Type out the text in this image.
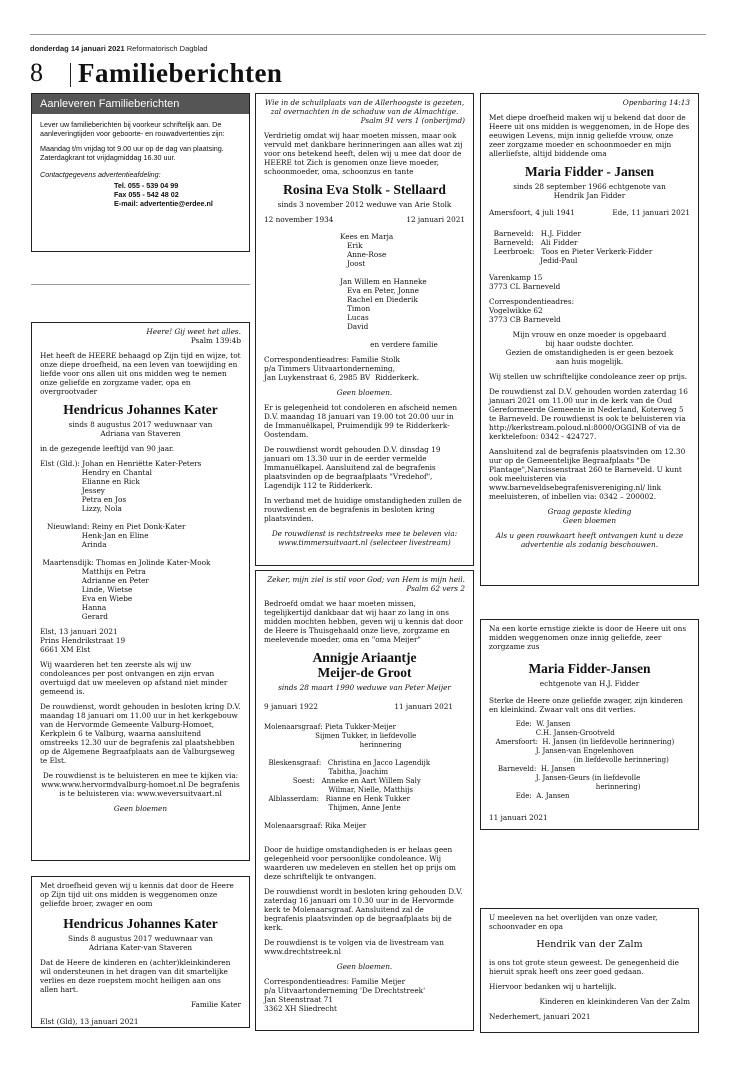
donderdag 14 januari 2021 Reformatorisch Dagblad
8 Familieberichten
Aanleveren Familieberichten
Lever uw familieberichten bij voorkeur schriftelijk aan. De aanleveringtijden voor geboorte- en rouwadvertenties zijn:
Maandag t/m vrijdag tot 9.00 uur op de dag van plaatsing. Zaterdagkrant tot vrijdagmiddag 16.30 uur.
Contactgegevens advertentieafdeling:
Tel. 055 - 539 04 99
Fax 055 - 542 48 02
E-mail: advertentie@erdee.nl
Heere! Gij weet het alles.
Psalm 139:4b
Het heeft de HEERE behaagd op Zijn tijd en wijze, tot onze diepe droefheid, na een leven van toewijding en liefde voor ons allen uit ons midden weg te nemen onze geliefde en zorgzame vader, opa en overgrootvader
Hendricus Johannes Kater
sinds 8 augustus 2017 weduwnaar van
Adriana van Staveren
in de gezegende leeftijd van 90 jaar.
Elst (Gld.): Johan en Henriëtte Kater-Peters
Hendry en Chantal
Elianne en Rick
Jessey
Petra en Jos
Lizzy, Nola

Nieuwland: Reiny en Piet Donk-Kater
Henk-Jan en Eline
Arinda

Maartensdijk: Thomas en Jolinde Kater-Mook
Matthijs en Petra
Adrianne en Peter
Linde, Wietse
Eva en Wiebe
Hanna
Gerard
Elst, 13 januari 2021
Prins Hendrikstraat 19
6661 XM Elst
Wij waarderen het ten zeerste als wij uw condoleances per post ontvangen en zijn ervan overtuigd dat uw meeleven op afstand niet minder gemeend is.
De rouwdienst, wordt gehouden in besloten kring D.V. maandag 18 januari om 11.00 uur in het kerkgebouw van de Hervormde Gemeente Valburg-Homoet, Kerkplein 6 te Valburg, waarna aansluitend omstreeks 12.30 uur de begrafenis zal plaatshebben op de Algemene Begraafplaats aan de Valburgseweg te Elst.
De rouwdienst is te beluisteren en mee te kijken via: www.www.hervormdvalburg-homoet.nl De begrafenis is te beluisteren via: www.weversuitvaart.nl
Geen bloemen
Met droefheid geven wij u kennis dat door de Heere op Zijn tijd uit ons midden is weggenomen onze geliefde broer, zwager en oom
Hendricus Johannes Kater
Sinds 8 augustus 2017 weduwnaar van
Adriana Kater-van Staveren
Dat de Heere de kinderen en (achter)kleinkinderen wil ondersteunen in het dragen van dit smartelijke verlies en deze roepstem mocht heiligen aan ons allen hart.
Familie Kater
Elst (Gld), 13 januari 2021
Wie in de schuilplaats van de Allerhoogste is gezeten, zal overnachten in de schaduw van de Almachtige.
Psalm 91 vers 1 (onberijmd)
Verdrietig omdat wij haar moeten missen, maar ook vervuld met dankbare herinneringen aan alles wat zij voor ons betekend heeft, delen wij u mee dat door de HEERE tot Zich is genomen onze lieve moeder, schoonmoeder, oma, schoonzus en tante
Rosina Eva Stolk - Stellaard
sinds 3 november 2012 weduwe van Arie Stolk
12 november 1934	12 januari 2021
Kees en Marja
Erik
Anne-Rose
Joost

Jan Willem en Hanneke
Eva en Peter, Jonne
Rachel en Diederik
Timon
Lucas
David

en verdere familie
Correspondentieadres: Familie Stolk
p/a Timmers Uitvaartonderneming,
Jan Luykenstraat 6, 2985 BV  Ridderkerk.
Geen bloemen.
Er is gelegenheid tot condoleren en afscheid nemen D.V. maandag 18 januari van 19.00 tot 20.00 uur in de Immanuëlkapel, Pruimendijk 99 te Ridderkerk-Oostendam.
De rouwdienst wordt gehouden D.V. dinsdag 19 januari om 13.30 uur in de eerder vermelde Immanuëlkapel. Aansluitend zal de begrafenis plaatsvinden op de begraafplaats "Vredehof", Lagendijk 112 te Ridderkerk.
In verband met de huidige omstandigheden zullen de rouwdienst en de begrafenis in besloten kring plaatsvinden.
De rouwdienst is rechtstreeks mee te beleven via: www.timmersuitvaart.nl (selecteer livestream)
Zeker, mijn ziel is stil voor God; van Hem is mijn heil.
Psalm 62 vers 2
Bedroefd omdat we haar moeten missen, tegelijkertijd dankbaar dat wij haar zo lang in ons midden mochten hebben, geven wij u kennis dat door de Heere is Thuisgehaald onze lieve, zorgzame en meelevende moeder, oma en "oma Meijer"
Annigje Ariaantje
Meijer-de Groot
sinds 28 maart 1990 weduwe van Peter Meijer
9 januari 1922	11 januari 2021
Molenaarsgraaf: Pieta Tukker-Meijer
Sijmen Tukker, in liefdevolle
herinnering

Bleskensgraaf:   Christina en Jacco Lagendijk
Tabitha, Joachim
Soest:   Anneke en Aart Willem Saly
Wilmar, Nielle, Matthijs
Alblasserdam:   Rianne en Henk Tukker
Thijmen, Anne Jente

Molenaarsgraaf: Rika Meijer
Door de huidige omstandigheden is er helaas geen gelegenheid voor persoonlijke condoleance. Wij waarderen uw medeleven en stellen het op prijs om deze schriftelijk te ontvangen.
De rouwdienst wordt in besloten kring gehouden D.V. zaterdag 16 januari om 10.30 uur in de Hervormde kerk te Molenaarsgraaf. Aansluitend zal de begrafenis plaatsvinden op de begraafplaats bij de kerk.
De rouwdienst is te volgen via de livestream van www.drechtstreek.nl
Geen bloemen.
Correspondentieadres: Familie Meijer
p/a Uitvaartonderneming 'De Drechtstreek'
Jan Steenstraat 71
3362 XH Sliedrecht
Openbaring 14:13
Met diepe droefheid maken wij u bekend dat door de Heere uit ons midden is weggenomen, in de Hope des eeuwigen Levens, mijn innig geliefde vrouw, onze zeer zorgzame moeder en schoonmoeder en mijn allerliefste, altijd biddende oma
Maria Fidder - Jansen
sinds 28 september 1966 echtgenote van
Hendrik Jan Fidder
Amersfoort, 4 juli 1941	Ede, 11 januari 2021
Barneveld:   H.J. Fidder
Barneveld:   Ali Fidder
Leerbroek:   Toos en Pieter Verkerk-Fidder
Jedid-Paul
Varenkamp 15
3773 CL Barneveld
Correspondentieadres:
Vogelwikke 62
3773 CB Barneveld
Mijn vrouw en onze moeder is opgebaard
bij haar oudste dochter.
Gezien de omstandigheden is er geen bezoek
aan huis mogelijk.
Wij stellen uw schriftelijke condoleance zeer op prijs.
De rouwdienst zal D.V. gehouden worden zaterdag 16 januari 2021 om 11.00 uur in de kerk van de Oud Gereformeerde Gemeente in Nederland, Koterweg 5 te Barneveld. De rouwdienst is ook te beluisteren via http://kerkstream.poloud.nl:8000/OGGINB of via de kerktelefoon: 0342 - 424727.
Aansluitend zal de begrafenis plaatsvinden om 12.30 uur op de Gemeentelijke Begraafplaats "De Plantage",Narcissenstraat 260 te Barneveld. U kunt ook meeluisteren via www.barneveldsebegrafenisvereniging.nl/ link meeluisteren, of inbellen via: 0342 – 200002.
Graag gepaste kleding
Geen bloemen
Als u geen rouwkaart heeft ontvangen kunt u deze advertentie als zodanig beschouwen.
Na een korte ernstige ziekte is door de Heere uit ons midden weggenomen onze innig geliefde, zeer zorgzame zus
Maria Fidder-Jansen
echtgenote van H.J. Fidder
Sterke de Heere onze geliefde zwager, zijn kinderen en kleinkind. Zwaar valt ons dit verlies.
Ede:  W. Jansen
C.H. Jansen-Grootveld
Amersfoort:  H. Jansen (in liefdevolle herinnering)
J. Jansen-van Engelenhoven
(in liefdevolle herinnering)
Barneveld:  H. Jansen
J. Jansen-Geurs (in liefdevolle
herinnering)
Ede:  A. Jansen
11 januari 2021
U meeleven na het overlijden van onze vader, schoonvader en opa
Hendrik van der Zalm
is ons tot grote steun geweest. De genegenheid die hieruit sprak heeft ons zeer goed gedaan.
Hiervoor bedanken wij u hartelijk.
Kinderen en kleinkinderen Van der Zalm
Nederhemert, januari 2021
